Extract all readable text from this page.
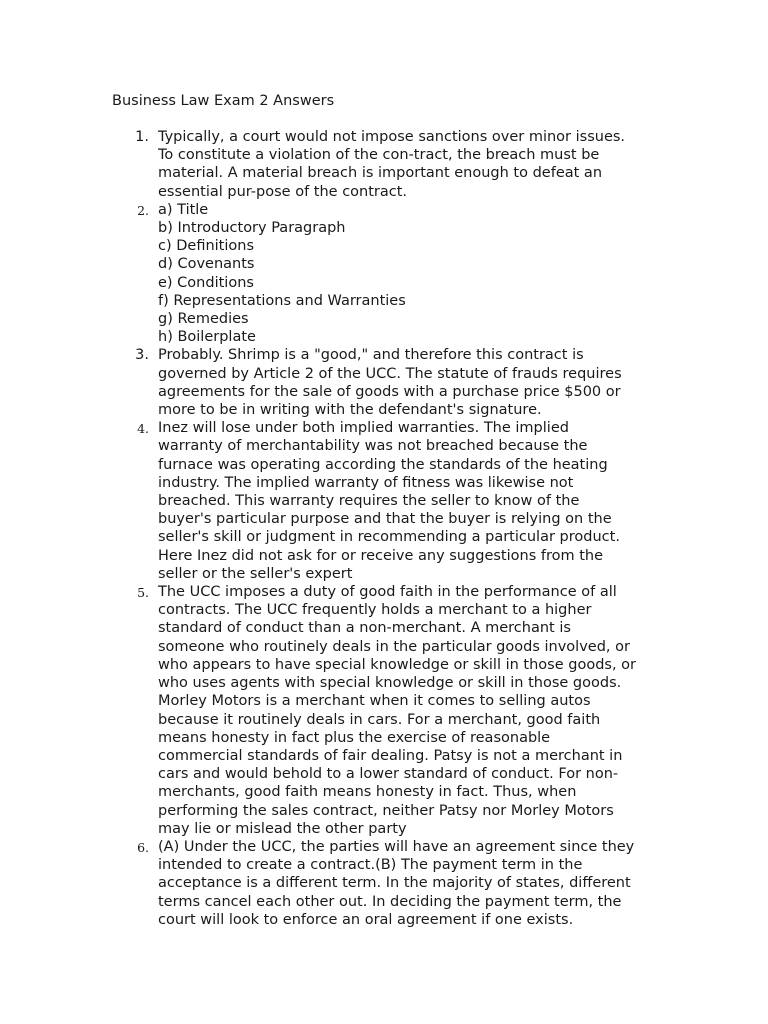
Business Law Exam 2 Answers
1. Typically, a court would not impose sanctions over minor issues.
To constitute a violation of the con-tract, the breach must be
material. A material breach is important enough to defeat an
essential pur-pose of the contract.
2. a) Title
b) Introductory Paragraph
c) Definitions
d) Covenants
e) Conditions
f) Representations and Warranties
g) Remedies
h) Boilerplate
3. Probably. Shrimp is a "good," and therefore this contract is
governed by Article 2 of the UCC. The statute of frauds requires
agreements for the sale of goods with a purchase price $500 or
more to be in writing with the defendant's signature.
4. Inez will lose under both implied warranties. The implied
warranty of merchantability was not breached because the
furnace was operating according the standards of the heating
industry. The implied warranty of fitness was likewise not
breached. This warranty requires the seller to know of the
buyer's particular purpose and that the buyer is relying on the
seller's skill or judgment in recommending a particular product.
Here Inez did not ask for or receive any suggestions from the
seller or the seller's expert
5. The UCC imposes a duty of good faith in the performance of all
contracts. The UCC frequently holds a merchant to a higher
standard of conduct than a non-merchant. A merchant is
someone who routinely deals in the particular goods involved, or
who appears to have special knowledge or skill in those goods, or
who uses agents with special knowledge or skill in those goods.
Morley Motors is a merchant when it comes to selling autos
because it routinely deals in cars. For a merchant, good faith
means honesty in fact plus the exercise of reasonable
commercial standards of fair dealing. Patsy is not a merchant in
cars and would behold to a lower standard of conduct. For non-
merchants, good faith means honesty in fact. Thus, when
performing the sales contract, neither Patsy nor Morley Motors
may lie or mislead the other party
6. (A) Under the UCC, the parties will have an agreement since they
intended to create a contract.(B) The payment term in the
acceptance is a different term. In the majority of states, different
terms cancel each other out. In deciding the payment term, the
court will look to enforce an oral agreement if one exists.
